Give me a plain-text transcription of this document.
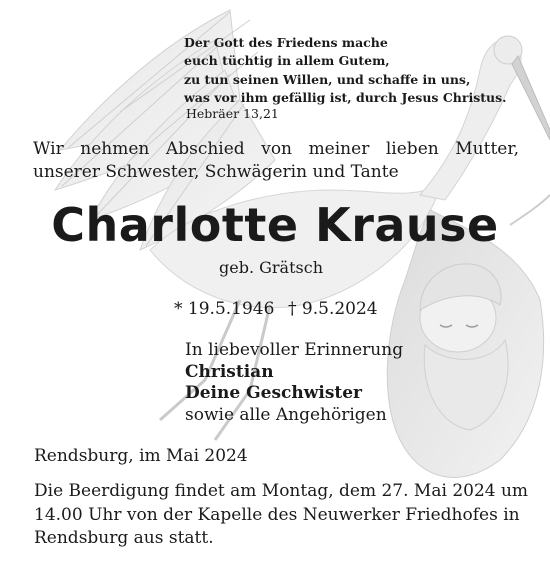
Der Gott des Friedens mache
euch tüchtig in allem Gutem,
zu tun seinen Willen, und schaffe in uns,
was vor ihm gefällig ist, durch Jesus Christus.
Hebräer 13,21
Wir nehmen Abschied von meiner lieben Mutter,
unserer Schwester, Schwägerin und Tante
Charlotte Krause
geb. Grätsch
* 19.5.1946 † 9.5.2024
In liebevoller Erinnerung
Christian
Deine Geschwister
sowie alle Angehörigen
Rendsburg, im Mai 2024
Die Beerdigung findet am Montag, dem 27. Mai 2024 um
14.00 Uhr von der Kapelle des Neuwerker Friedhofes in
Rendsburg aus statt.
